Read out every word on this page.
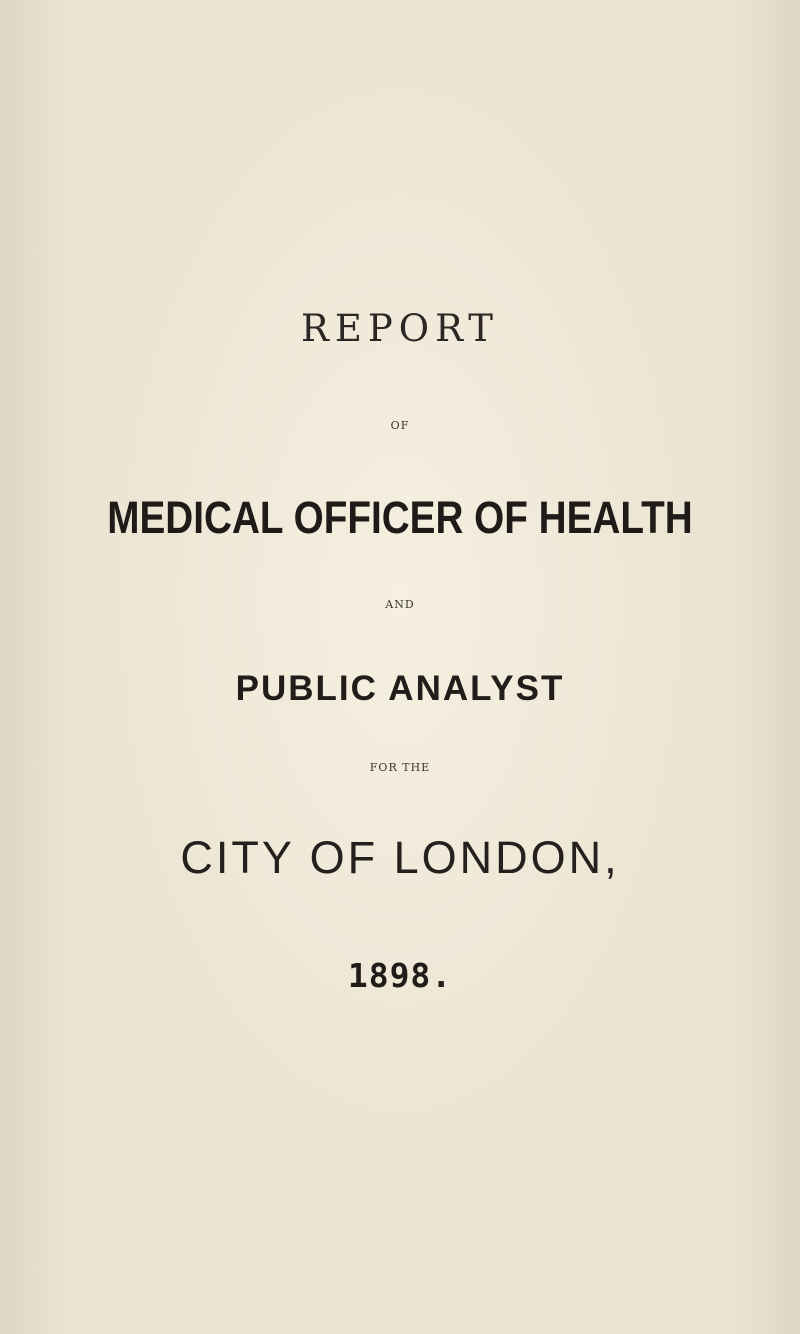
REPORT
OF
MEDICAL OFFICER OF HEALTH
AND
PUBLIC ANALYST
FOR THE
CITY OF LONDON,
1898.
